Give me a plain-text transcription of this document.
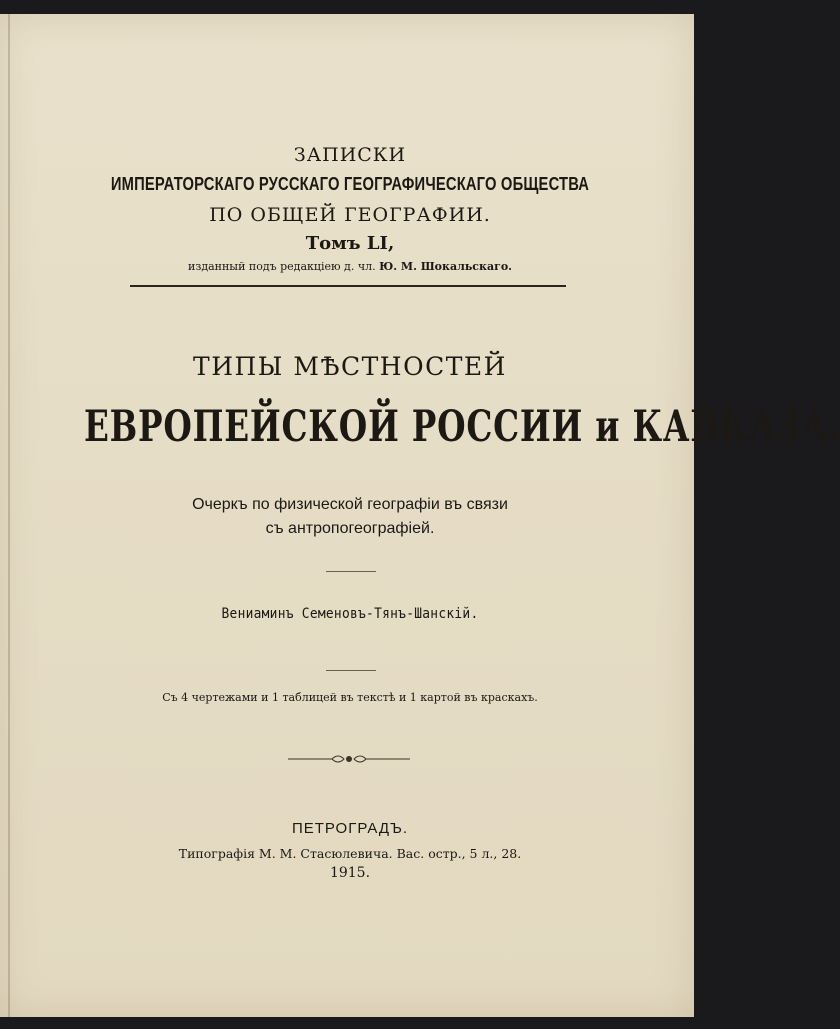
ЗАПИСКИ
ИМПЕРАТОРСКАГО РУССКАГО ГЕОГРАФИЧЕСКАГО ОБЩЕСТВА
ПО ОБЩЕЙ ГЕОГРАФИИ.
Томъ LI,
изданный подъ редакцiею д. чл. Ю. М. Шокальскаго.
ТИПЫ МѢСТНОСТЕЙ
ЕВРОПЕЙСКОЙ РОССИИ и КАВКАЗА.
Очеркъ по физической географiи въ связи
съ антропогеографiей.
Вениаминъ Семеновъ-Тянъ-Шанскiй.
Съ 4 чертежами и 1 таблицей въ текстѣ и 1 картой въ краскахъ.
ПЕТРОГРАДЪ.
Типографiя М. М. Стасюлевича. Вас. остр., 5 л., 28.
1915.
